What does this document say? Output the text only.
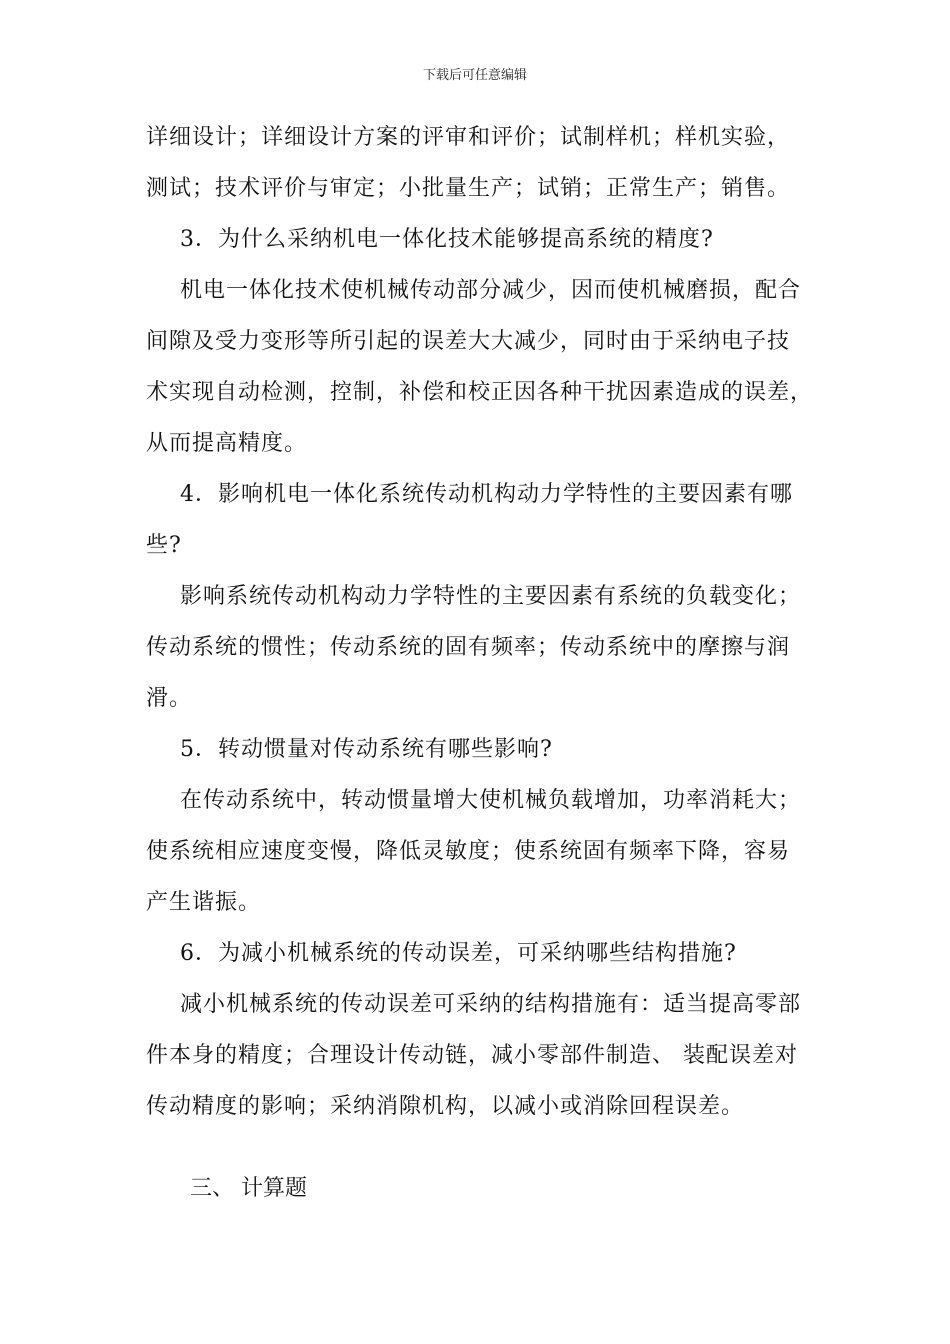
下载后可任意编辑
详细设计；详细设计方案的评审和评价；试制样机；样机实验，
测试；技术评价与审定；小批量生产；试销；正常生产；销售。
3．为什么采纳机电一体化技术能够提高系统的精度?
机电一体化技术使机械传动部分减少，因而使机械磨损，配合
间隙及受力变形等所引起的误差大大减少，同时由于采纳电子技
术实现自动检测，控制，补偿和校正因各种干扰因素造成的误差，
从而提高精度。
4．影响机电一体化系统传动机构动力学特性的主要因素有哪
些?
影响系统传动机构动力学特性的主要因素有系统的负载变化；
传动系统的惯性；传动系统的固有频率；传动系统中的摩擦与润
滑。
5．转动惯量对传动系统有哪些影响?
在传动系统中，转动惯量增大使机械负载增加，功率消耗大；
使系统相应速度变慢，降低灵敏度；使系统固有频率下降，容易
产生谐振。
6．为减小机械系统的传动误差，可采纳哪些结构措施?
减小机械系统的传动误差可采纳的结构措施有：适当提高零部
件本身的精度；合理设计传动链，减小零部件制造、 装配误差对
传动精度的影响；采纳消隙机构，以减小或消除回程误差。
三、 计算题
